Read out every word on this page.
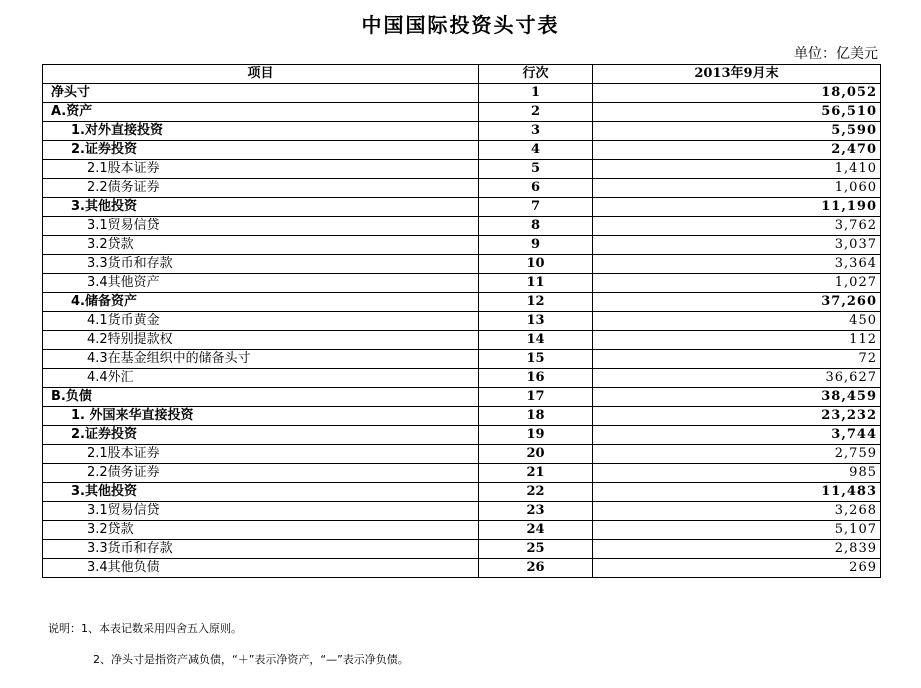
中国国际投资头寸表
单位：亿美元
项目	行次	2013年9月末
净头寸	1	18,052
A.资产	2	56,510
1.对外直接投资	3	5,590
2.证券投资	4	2,470
2.1股本证券	5	1,410
2.2债务证券	6	1,060
3.其他投资	7	11,190
3.1贸易信贷	8	3,762
3.2贷款	9	3,037
3.3货币和存款	10	3,364
3.4其他资产	11	1,027
4.储备资产	12	37,260
4.1货币黄金	13	450
4.2特别提款权	14	112
4.3在基金组织中的储备头寸	15	72
4.4外汇	16	36,627
B.负债	17	38,459
1. 外国来华直接投资	18	23,232
2.证券投资	19	3,744
2.1股本证券	20	2,759
2.2债务证券	21	985
3.其他投资	22	11,483
3.1贸易信贷	23	3,268
3.2贷款	24	5,107
3.3货币和存款	25	2,839
3.4其他负债	26	269
说明：1、本表记数采用四舍五入原则。
2、净头寸是指资产减负债，“＋”表示净资产，“—”表示净负债。
